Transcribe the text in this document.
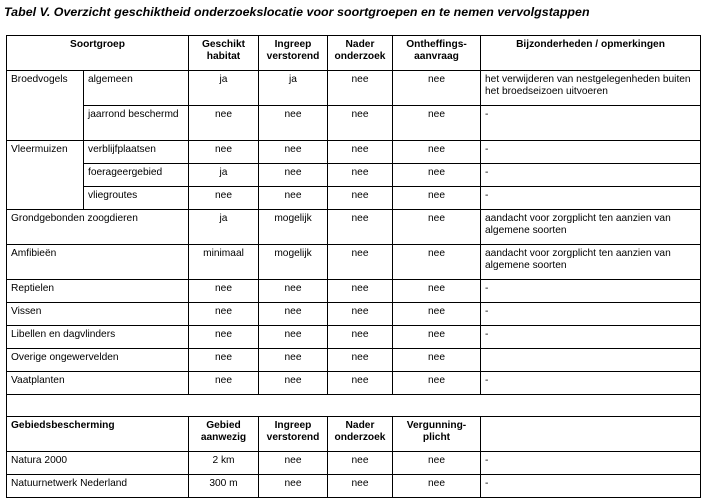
Tabel V. Overzicht geschiktheid onderzoekslocatie voor soortgroepen en te nemen vervolgstappen
Soortgroep		Geschikt habitat	Ingreep verstorend	Nader onderzoek	Ontheffings-aanvraag	Bijzonderheden / opmerkingen
Broedvogels	algemeen	ja	ja	nee	nee	het verwijderen van nestgelegenheden buiten het broedseizoen uitvoeren
	jaarrond beschermd	nee	nee	nee	nee	-
Vleermuizen	verblijfplaatsen	nee	nee	nee	nee	-
	foerageergebied	ja	nee	nee	nee	-
	vliegroutes	nee	nee	nee	nee	-
Grondgebonden zoogdieren		ja	mogelijk	nee	nee	aandacht voor zorgplicht ten aanzien van algemene soorten
Amfibieën		minimaal	mogelijk	nee	nee	aandacht voor zorgplicht ten aanzien van algemene soorten
Reptielen		nee	nee	nee	nee	-
Vissen		nee	nee	nee	nee	-
Libellen en dagvlinders		nee	nee	nee	nee	-
Overige ongewervelden		nee	nee	nee	nee	
Vaatplanten		nee	nee	nee	nee	-

Gebiedsbescherming		Gebied aanwezig	Ingreep verstorend	Nader onderzoek	Vergunning-plicht	
Natura 2000		2 km	nee	nee	nee	-
Natuurnetwerk Nederland		300 m	nee	nee	nee	-
